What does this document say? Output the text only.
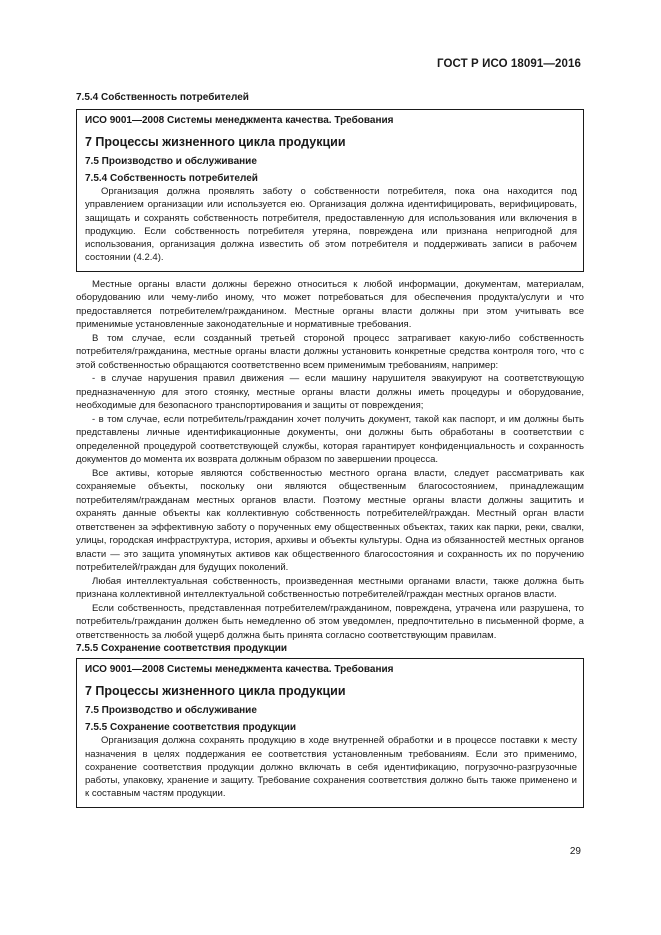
ГОСТ Р ИСО 18091—2016
7.5.4 Собственность потребителей
ИСО 9001—2008 Системы менеджмента качества. Требования
7 Процессы жизненного цикла продукции
7.5 Производство и обслуживание
7.5.4 Собственность потребителей

Организация должна проявлять заботу о собственности потребителя, пока она находится под управлением организации или используется ею. Организация должна идентифицировать, верифицировать, защищать и сохранять собственность потребителя, предоставленную для использования или включения в продукцию. Если собственность потребителя утеряна, повреждена или признана непригодной для использования, организация должна известить об этом потребителя и поддерживать записи в рабочем состоянии (4.2.4).

Местные органы власти должны бережно относиться к любой информации, документам, материалам, оборудованию или чему-либо иному, что может потребоваться для обеспечения продукта/услуги и что предоставляется потребителем/гражданином. Местные органы власти должны при этом учитывать все применимые установленные законодательные и нормативные требования.

В том случае, если созданный третьей стороной процесс затрагивает какую-либо собственность потребителя/гражданина, местные органы власти должны установить конкретные средства контроля того, что с этой собственностью обращаются соответственно всем применимым требованиям, например:

- в случае нарушения правил движения — если машину нарушителя эвакуируют на соответствующую предназначенную для этого стоянку, местные органы власти должны иметь процедуры и оборудование, необходимые для безопасного транспортирования и защиты от повреждения;

- в том случае, если потребитель/гражданин хочет получить документ, такой как паспорт, и им должны быть представлены личные идентификационные документы, они должны быть обработаны в соответствии с определенной процедурой соответствующей службы, которая гарантирует конфиденциальность и сохранность документов до момента их возврата должным образом по завершении процесса.

Все активы, которые являются собственностью местного органа власти, следует рассматривать как сохраняемые объекты, поскольку они являются общественным благосостоянием, принадлежащим потребителям/гражданам местных органов власти. Поэтому местные органы власти должны защитить и охранять данные объекты как коллективную собственность потребителей/граждан. Местный орган власти ответственен за эффективную заботу о порученных ему общественных объектах, таких как парки, реки, свалки, улицы, городская инфраструктура, история, архивы и объекты культуры. Одна из обязанностей местных органов власти — это защита упомянутых активов как общественного благосостояния и сохранность их по поручению потребителей/граждан для будущих поколений.

Любая интеллектуальная собственность, произведенная местными органами власти, также должна быть признана коллективной интеллектуальной собственностью потребителей/граждан местных органов власти.

Если собственность, представленная потребителем/гражданином, повреждена, утрачена или разрушена, то потребитель/гражданин должен быть немедленно об этом уведомлен, предпочтительно в письменной форме, а ответственность за любой ущерб должна быть принята согласно соответствующим правилам.

7.5.5 Сохранение соответствия продукции
ИСО 9001—2008 Системы менеджмента качества. Требования
7 Процессы жизненного цикла продукции
7.5 Производство и обслуживание
7.5.5 Сохранение соответствия продукции

Организация должна сохранять продукцию в ходе внутренней обработки и в процессе поставки к месту назначения в целях поддержания ее соответствия установленным требованиям. Если это применимо, сохранение соответствия продукции должно включать в себя идентификацию, погрузочно-разгрузочные работы, упаковку, хранение и защиту. Требование сохранения соответствия должно быть также применено и к составным частям продукции.

29
